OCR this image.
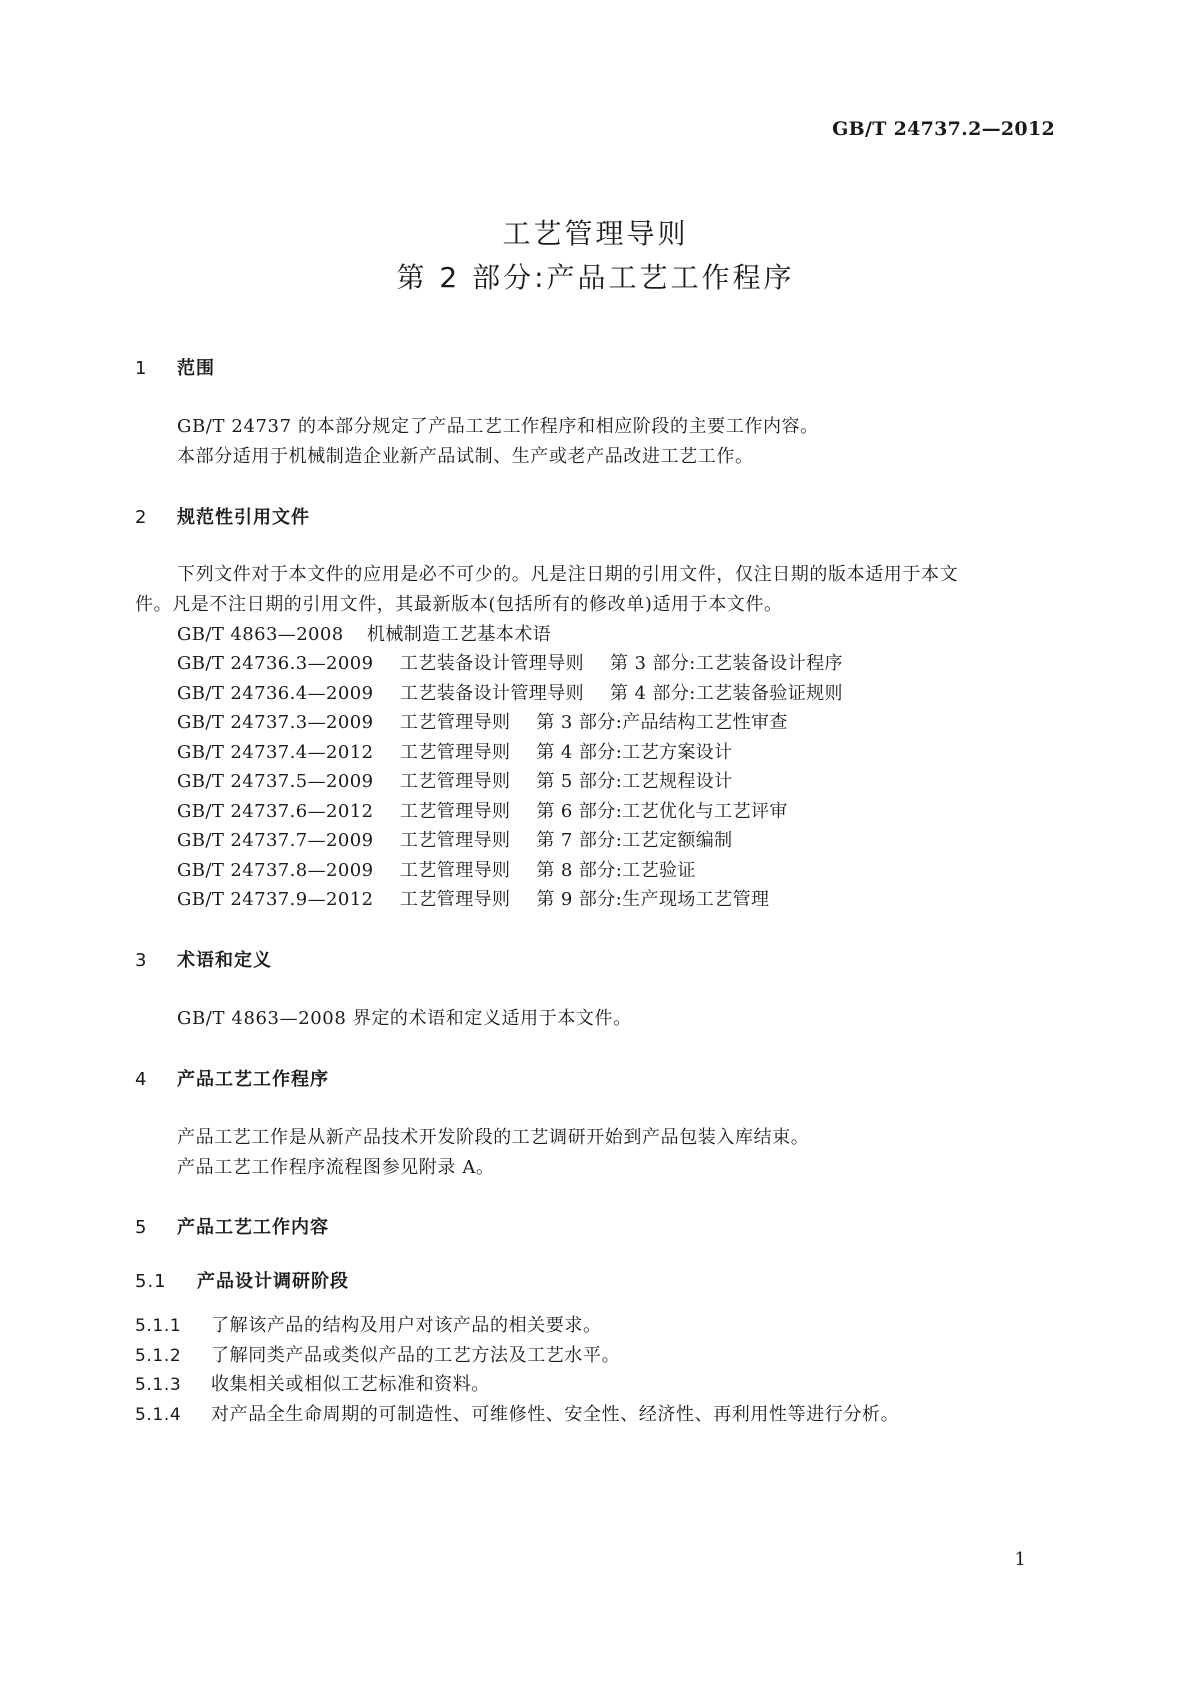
GB/T 24737.2—2012
工艺管理导则
第 2 部分:产品工艺工作程序
1 范围
GB/T 24737 的本部分规定了产品工艺工作程序和相应阶段的主要工作内容。
本部分适用于机械制造企业新产品试制、生产或老产品改进工艺工作。
2 规范性引用文件
下列文件对于本文件的应用是必不可少的。凡是注日期的引用文件，仅注日期的版本适用于本文
件。凡是不注日期的引用文件，其最新版本(包括所有的修改单)适用于本文件。
GB/T 4863—2008 机械制造工艺基本术语
GB/T 24736.3—2009 工艺装备设计管理导则 第 3 部分:工艺装备设计程序
GB/T 24736.4—2009 工艺装备设计管理导则 第 4 部分:工艺装备验证规则
GB/T 24737.3—2009 工艺管理导则 第 3 部分:产品结构工艺性审查
GB/T 24737.4—2012 工艺管理导则 第 4 部分:工艺方案设计
GB/T 24737.5—2009 工艺管理导则 第 5 部分:工艺规程设计
GB/T 24737.6—2012 工艺管理导则 第 6 部分:工艺优化与工艺评审
GB/T 24737.7—2009 工艺管理导则 第 7 部分:工艺定额编制
GB/T 24737.8—2009 工艺管理导则 第 8 部分:工艺验证
GB/T 24737.9—2012 工艺管理导则 第 9 部分:生产现场工艺管理
3 术语和定义
GB/T 4863—2008 界定的术语和定义适用于本文件。
4 产品工艺工作程序
产品工艺工作是从新产品技术开发阶段的工艺调研开始到产品包装入库结束。
产品工艺工作程序流程图参见附录 A。
5 产品工艺工作内容
5.1 产品设计调研阶段
5.1.1 了解该产品的结构及用户对该产品的相关要求。
5.1.2 了解同类产品或类似产品的工艺方法及工艺水平。
5.1.3 收集相关或相似工艺标准和资料。
5.1.4 对产品全生命周期的可制造性、可维修性、安全性、经济性、再利用性等进行分析。
1
